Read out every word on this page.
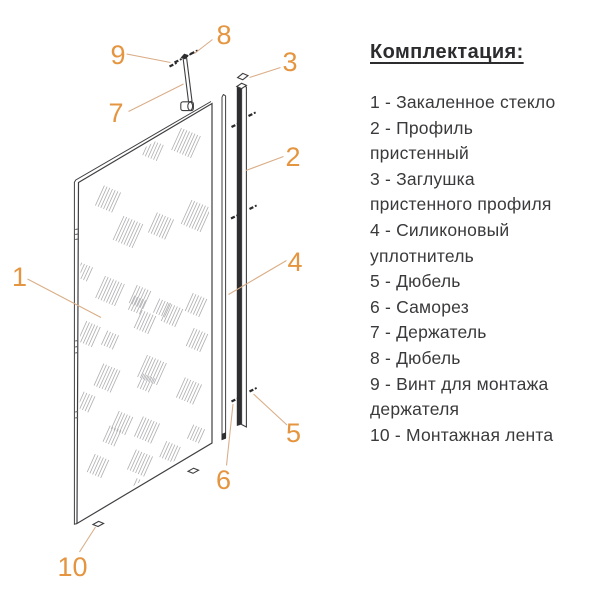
1
2
3
4
5
6
7
8
9
10
Комплектация:
1 - Закаленное стекло
2 - Профиль
пристенный
3 - Заглушка
пристенного профиля
4 - Силиконовый
уплотнитель
5 - Дюбель
6 - Саморез
7 - Держатель
8 - Дюбель
9 - Винт для монтажа
держателя
10 - Монтажная лента
